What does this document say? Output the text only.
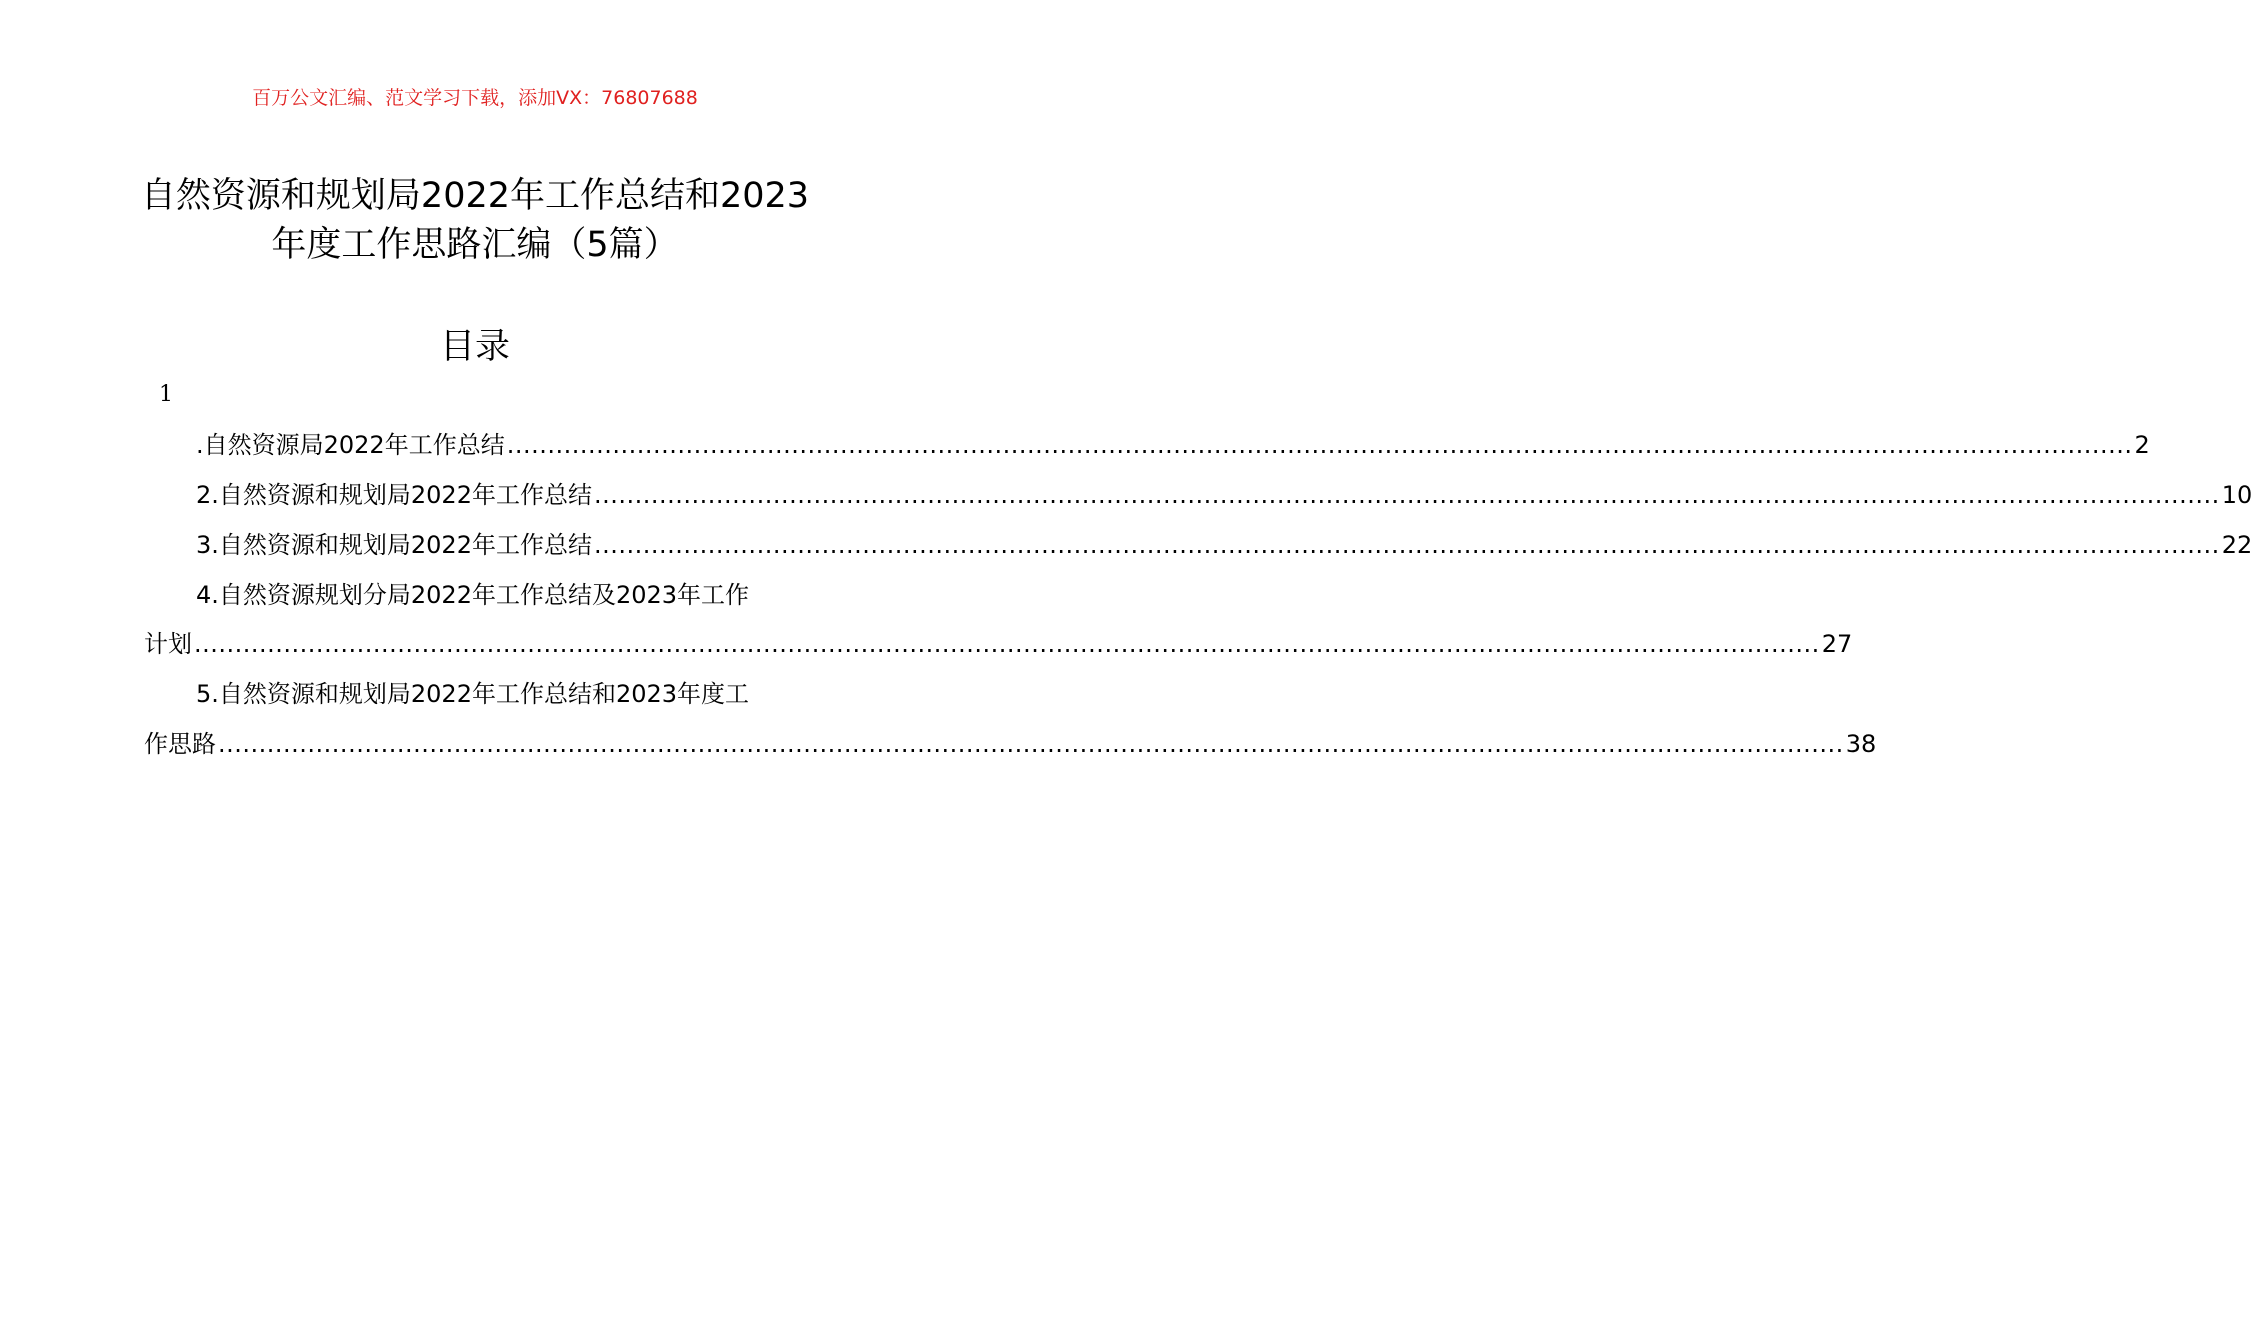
百万公文汇编、范文学习下载，添加VX：76807688
自然资源和规划局2022年工作总结和2023
年度工作思路汇编（5篇）
目录
1
.自然资源局2022年工作总结 ........................................................................................................................................................................................................ 2
2.自然资源和规划局2022年工作总结 ........................................................................................................................................................................................................ 10
3.自然资源和规划局2022年工作总结 ........................................................................................................................................................................................................ 22
4.自然资源规划分局2022年工作总结及2023年工作
计划 ........................................................................................................................................................................................................ 27
5.自然资源和规划局2022年工作总结和2023年度工
作思路 ........................................................................................................................................................................................................ 38
